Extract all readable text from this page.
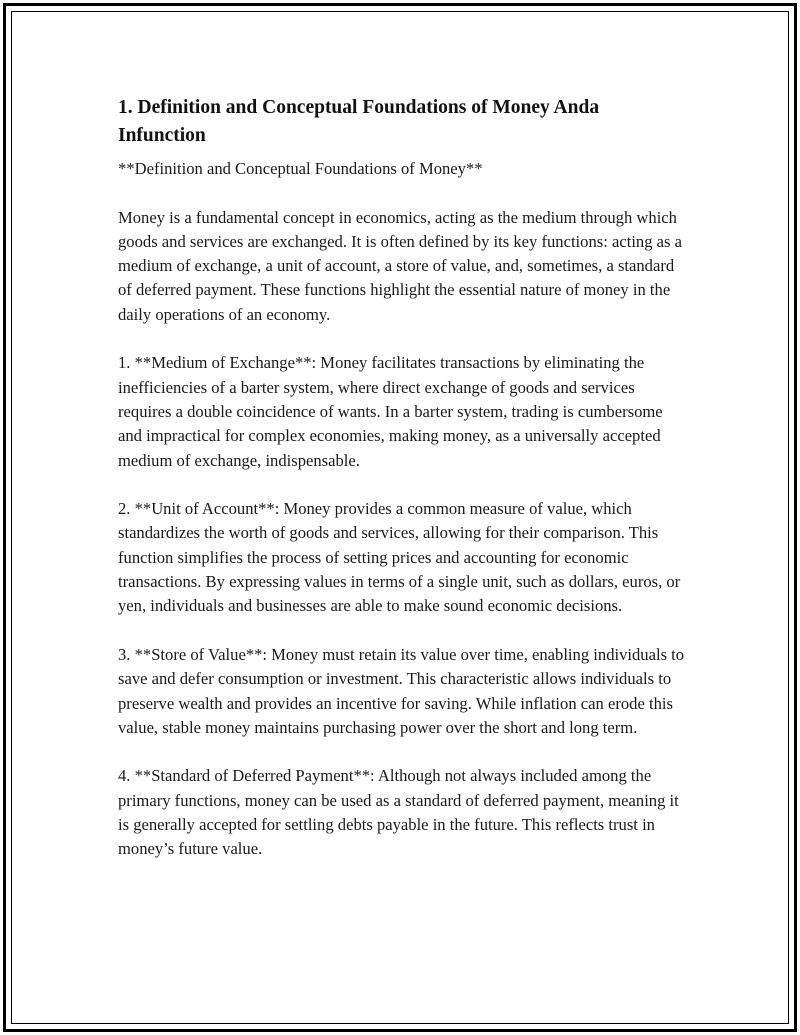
1. Definition and Conceptual Foundations of Money Anda Infunction

**Definition and Conceptual Foundations of Money**

Money is a fundamental concept in economics, acting as the medium through which goods and services are exchanged. It is often defined by its key functions: acting as a medium of exchange, a unit of account, a store of value, and, sometimes, a standard of deferred payment. These functions highlight the essential nature of money in the daily operations of an economy.

1. **Medium of Exchange**: Money facilitates transactions by eliminating the inefficiencies of a barter system, where direct exchange of goods and services requires a double coincidence of wants. In a barter system, trading is cumbersome and impractical for complex economies, making money, as a universally accepted medium of exchange, indispensable.

2. **Unit of Account**: Money provides a common measure of value, which standardizes the worth of goods and services, allowing for their comparison. This function simplifies the process of setting prices and accounting for economic transactions. By expressing values in terms of a single unit, such as dollars, euros, or yen, individuals and businesses are able to make sound economic decisions.

3. **Store of Value**: Money must retain its value over time, enabling individuals to save and defer consumption or investment. This characteristic allows individuals to preserve wealth and provides an incentive for saving. While inflation can erode this value, stable money maintains purchasing power over the short and long term.

4. **Standard of Deferred Payment**: Although not always included among the primary functions, money can be used as a standard of deferred payment, meaning it is generally accepted for settling debts payable in the future. This reflects trust in money’s future value.
